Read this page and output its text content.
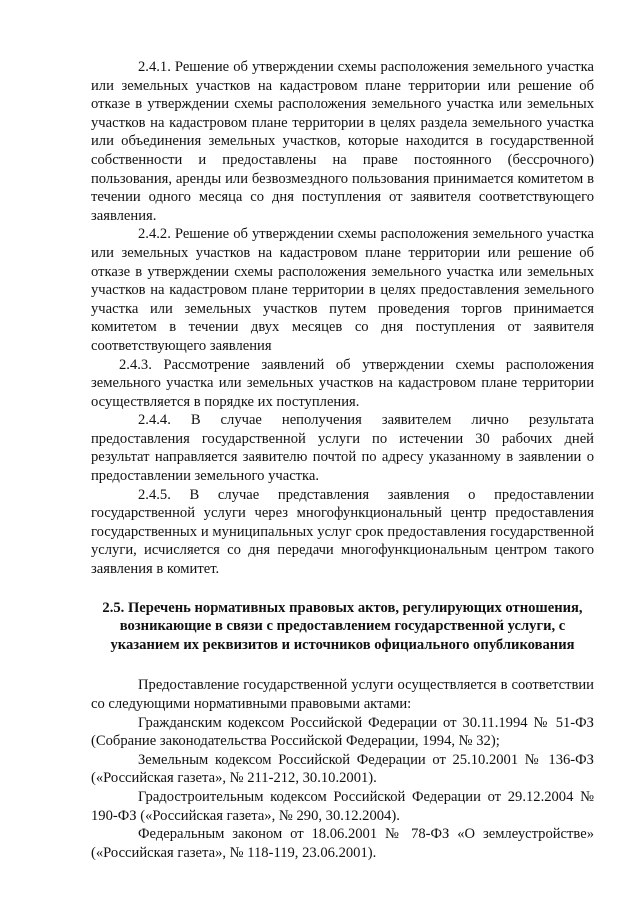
2.4.1. Решение об утверждении схемы расположения земельного участка или земельных участков на кадастровом плане территории или решение об отказе в утверждении схемы расположения земельного участка или земельных участков на кадастровом плане территории в целях раздела земельного участка или объединения земельных участков, которые находится в государственной собственности и предоставлены на праве постоянного (бессрочного) пользования, аренды или безвозмездного пользования принимается комитетом в течении одного месяца со дня поступления от заявителя соответствующего заявления.

2.4.2. Решение об утверждении схемы расположения земельного участка или земельных участков на кадастровом плане территории или решение об отказе в утверждении схемы расположения земельного участка или земельных участков на кадастровом плане территории в целях предоставления земельного участка или земельных участков путем проведения торгов принимается комитетом в течении двух месяцев со дня поступления от заявителя соответствующего заявления

2.4.3. Рассмотрение заявлений об утверждении схемы расположения земельного участка или земельных участков на кадастровом плане территории осуществляется в порядке их поступления.

2.4.4. В случае неполучения заявителем лично результата предоставления государственной услуги по истечении 30 рабочих дней результат направляется заявителю почтой по адресу указанному в заявлении о предоставлении земельного участка.

2.4.5. В случае представления заявления о предоставлении государственной услуги через многофункциональный центр предоставления государственных и муниципальных услуг срок предоставления государственной услуги, исчисляется со дня передачи многофункциональным центром такого заявления в комитет.

2.5. Перечень нормативных правовых актов, регулирующих отношения, возникающие в связи с предоставлением государственной услуги, с указанием их реквизитов и источников официального опубликования

Предоставление государственной услуги осуществляется в соответствии со следующими нормативными правовыми актами:

Гражданским кодексом Российской Федерации от 30.11.1994 № 51-ФЗ (Собрание законодательства Российской Федерации, 1994, № 32);

Земельным кодексом Российской Федерации от 25.10.2001 № 136-ФЗ («Российская газета», № 211-212, 30.10.2001).

Градостроительным кодексом Российской Федерации от 29.12.2004 № 190-ФЗ («Российская газета», № 290, 30.12.2004).

Федеральным законом от 18.06.2001 № 78-ФЗ «О землеустройстве» («Российская газета», № 118-119, 23.06.2001).
